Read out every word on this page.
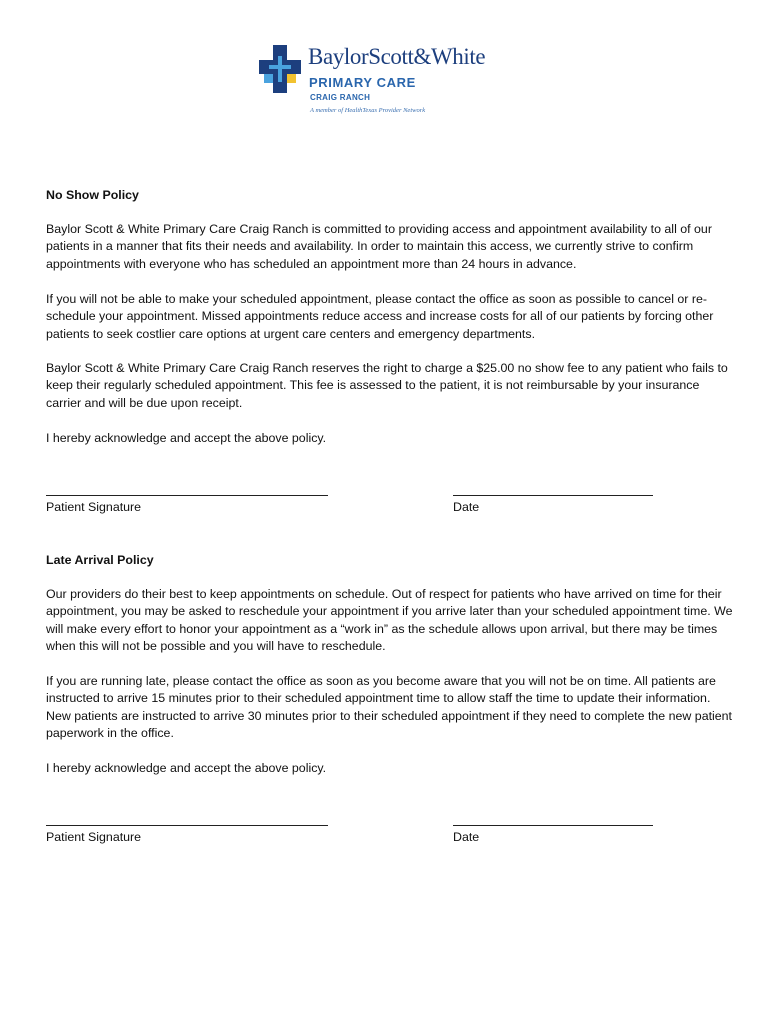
BaylorScott&White
PRIMARY CARE
CRAIG RANCH
A member of HealthTexas Provider Network

No Show Policy

Baylor Scott & White Primary Care Craig Ranch is committed to providing access and appointment availability to all of our patients in a manner that fits their needs and availability. In order to maintain this access, we currently strive to confirm appointments with everyone who has scheduled an appointment more than 24 hours in advance.

If you will not be able to make your scheduled appointment, please contact the office as soon as possible to cancel or re-schedule your appointment. Missed appointments reduce access and increase costs for all of our patients by forcing other patients to seek costlier care options at urgent care centers and emergency departments.

Baylor Scott & White Primary Care Craig Ranch reserves the right to charge a $25.00 no show fee to any patient who fails to keep their regularly scheduled appointment. This fee is assessed to the patient, it is not reimbursable by your insurance carrier and will be due upon receipt.

I hereby acknowledge and accept the above policy.

Patient Signature	Date

Late Arrival Policy

Our providers do their best to keep appointments on schedule. Out of respect for patients who have arrived on time for their appointment, you may be asked to reschedule your appointment if you arrive later than your scheduled appointment time. We will make every effort to honor your appointment as a “work in” as the schedule allows upon arrival, but there may be times when this will not be possible and you will have to reschedule.

If you are running late, please contact the office as soon as you become aware that you will not be on time. All patients are instructed to arrive 15 minutes prior to their scheduled appointment time to allow staff the time to update their information. New patients are instructed to arrive 30 minutes prior to their scheduled appointment if they need to complete the new patient paperwork in the office.

I hereby acknowledge and accept the above policy.

Patient Signature	Date
